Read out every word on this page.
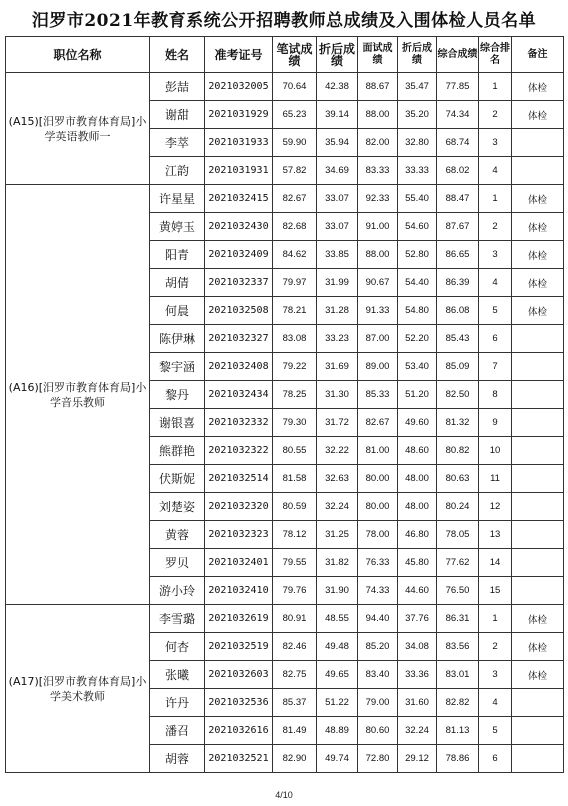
汨罗市2021年教育系统公开招聘教师总成绩及入围体检人员名单
职位名称	姓名	准考证号	笔试成绩	折后成绩	面试成绩	折后成绩	综合成绩	综合排名	备注
(A15)[汨罗市教育体育局]小学英语教师一	彭喆	2021032005	70.64	42.38	88.67	35.47	77.85	1	体检
	谢甜	2021031929	65.23	39.14	88.00	35.20	74.34	2	体检
	李萃	2021031933	59.90	35.94	82.00	32.80	68.74	3	
	江韵	2021031931	57.82	34.69	83.33	33.33	68.02	4	
(A16)[汨罗市教育体育局]小学音乐教师	许星星	2021032415	82.67	33.07	92.33	55.40	88.47	1	体检
	黄婷玉	2021032430	82.68	33.07	91.00	54.60	87.67	2	体检
	阳青	2021032409	84.62	33.85	88.00	52.80	86.65	3	体检
	胡倩	2021032337	79.97	31.99	90.67	54.40	86.39	4	体检
	何晨	2021032508	78.21	31.28	91.33	54.80	86.08	5	体检
	陈伊琳	2021032327	83.08	33.23	87.00	52.20	85.43	6	
	黎宇涵	2021032408	79.22	31.69	89.00	53.40	85.09	7	
	黎丹	2021032434	78.25	31.30	85.33	51.20	82.50	8	
	谢银喜	2021032332	79.30	31.72	82.67	49.60	81.32	9	
	熊群艳	2021032322	80.55	32.22	81.00	48.60	80.82	10	
	伏斯妮	2021032514	81.58	32.63	80.00	48.00	80.63	11	
	刘楚姿	2021032320	80.59	32.24	80.00	48.00	80.24	12	
	黄蓉	2021032323	78.12	31.25	78.00	46.80	78.05	13	
	罗贝	2021032401	79.55	31.82	76.33	45.80	77.62	14	
	游小玲	2021032410	79.76	31.90	74.33	44.60	76.50	15	
(A17)[汨罗市教育体育局]小学美术教师	李雪璐	2021032619	80.91	48.55	94.40	37.76	86.31	1	体检
	何杏	2021032519	82.46	49.48	85.20	34.08	83.56	2	体检
	张曦	2021032603	82.75	49.65	83.40	33.36	83.01	3	体检
	许丹	2021032536	85.37	51.22	79.00	31.60	82.82	4	
	潘召	2021032616	81.49	48.89	80.60	32.24	81.13	5	
	胡蓉	2021032521	82.90	49.74	72.80	29.12	78.86	6	
4/10
